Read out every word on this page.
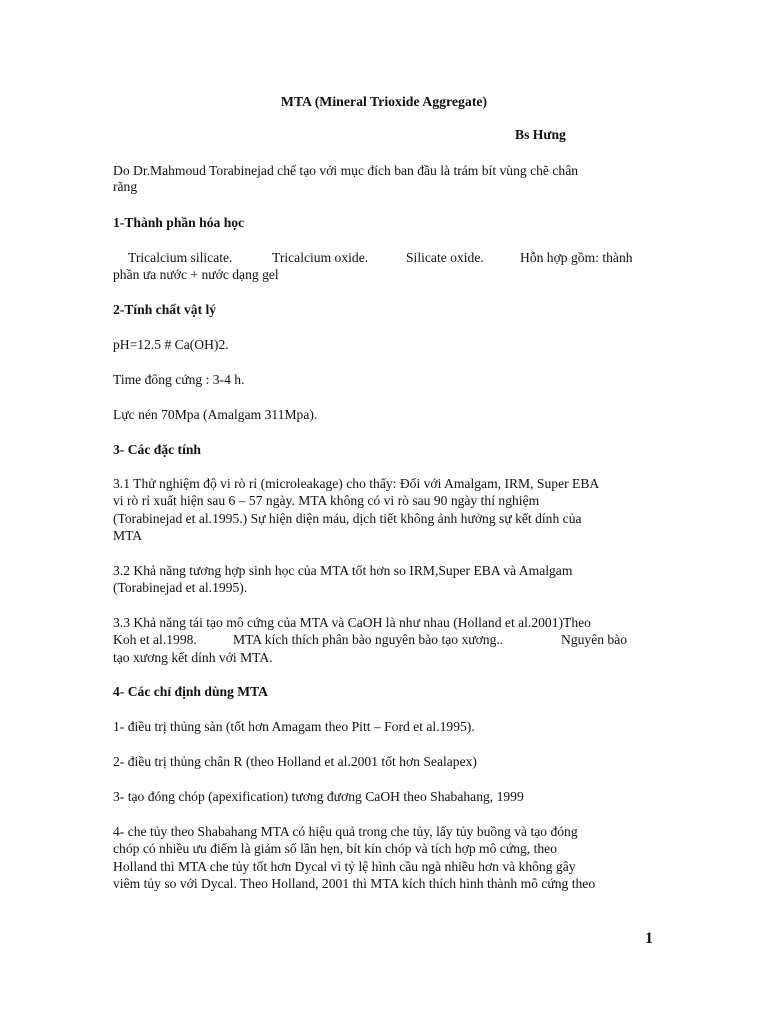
MTA (Mineral Trioxide Aggregate)
Bs Hưng
Do Dr.Mahmoud Torabinejad chế tạo với mục đích ban đầu là trám bít vùng chẽ chân
răng
1-Thành phần hóa học
Tricalcium silicate.	Tricalcium oxide.	Silicate oxide.	Hỗn hợp gồm: thành
phần ưa nước + nước dạng gel
2-Tính chất vật lý
pH=12.5 # Ca(OH)2.
Time đông cứng : 3-4 h.
Lực nén 70Mpa (Amalgam 311Mpa).
3- Các đặc tính
3.1 Thử nghiệm độ vi rò rỉ (microleakage) cho thấy: Đối với Amalgam, IRM, Super EBA
vi rò rỉ xuất hiện sau 6 – 57 ngày. MTA không có vi rò sau 90 ngày thí nghiệm
(Torabinejad et al.1995.) Sự hiện diện máu, dịch tiết không ảnh hưởng sự kết dính của
MTA
3.2 Khả năng tương hợp sinh học của MTA tốt hơn so IRM,Super EBA và Amalgam
(Torabinejad et al.1995).
3.3 Khả năng tái tạo mô cứng của MTA và CaOH là như nhau (Holland et al.2001)Theo
Koh et al.1998.	MTA kích thích phân bào nguyên bào tạo xương..	Nguyên bào
tạo xương kết dính với MTA.
4- Các chỉ định dùng MTA
1- điều trị thủng sàn (tốt hơn Amagam theo Pitt – Ford et al.1995).
2- điều trị thủng chân R (theo Holland et al.2001 tốt hơn Sealapex)
3- tạo đóng chóp (apexification) tương đương CaOH theo Shabahang, 1999
4- che tủy theo Shabahang MTA có hiệu quả trong che tủy, lấy tủy buồng và tạo đóng
chóp có nhiều ưu điểm là giảm số lần hẹn, bít kín chóp và tích hợp mô cứng, theo
Holland thì MTA che tủy tốt hơn Dycal vì tỷ lệ hình cầu ngà nhiều hơn và không gây
viêm tủy so với Dycal. Theo Holland, 2001 thì MTA kích thích hình thành mô cứng theo
1
